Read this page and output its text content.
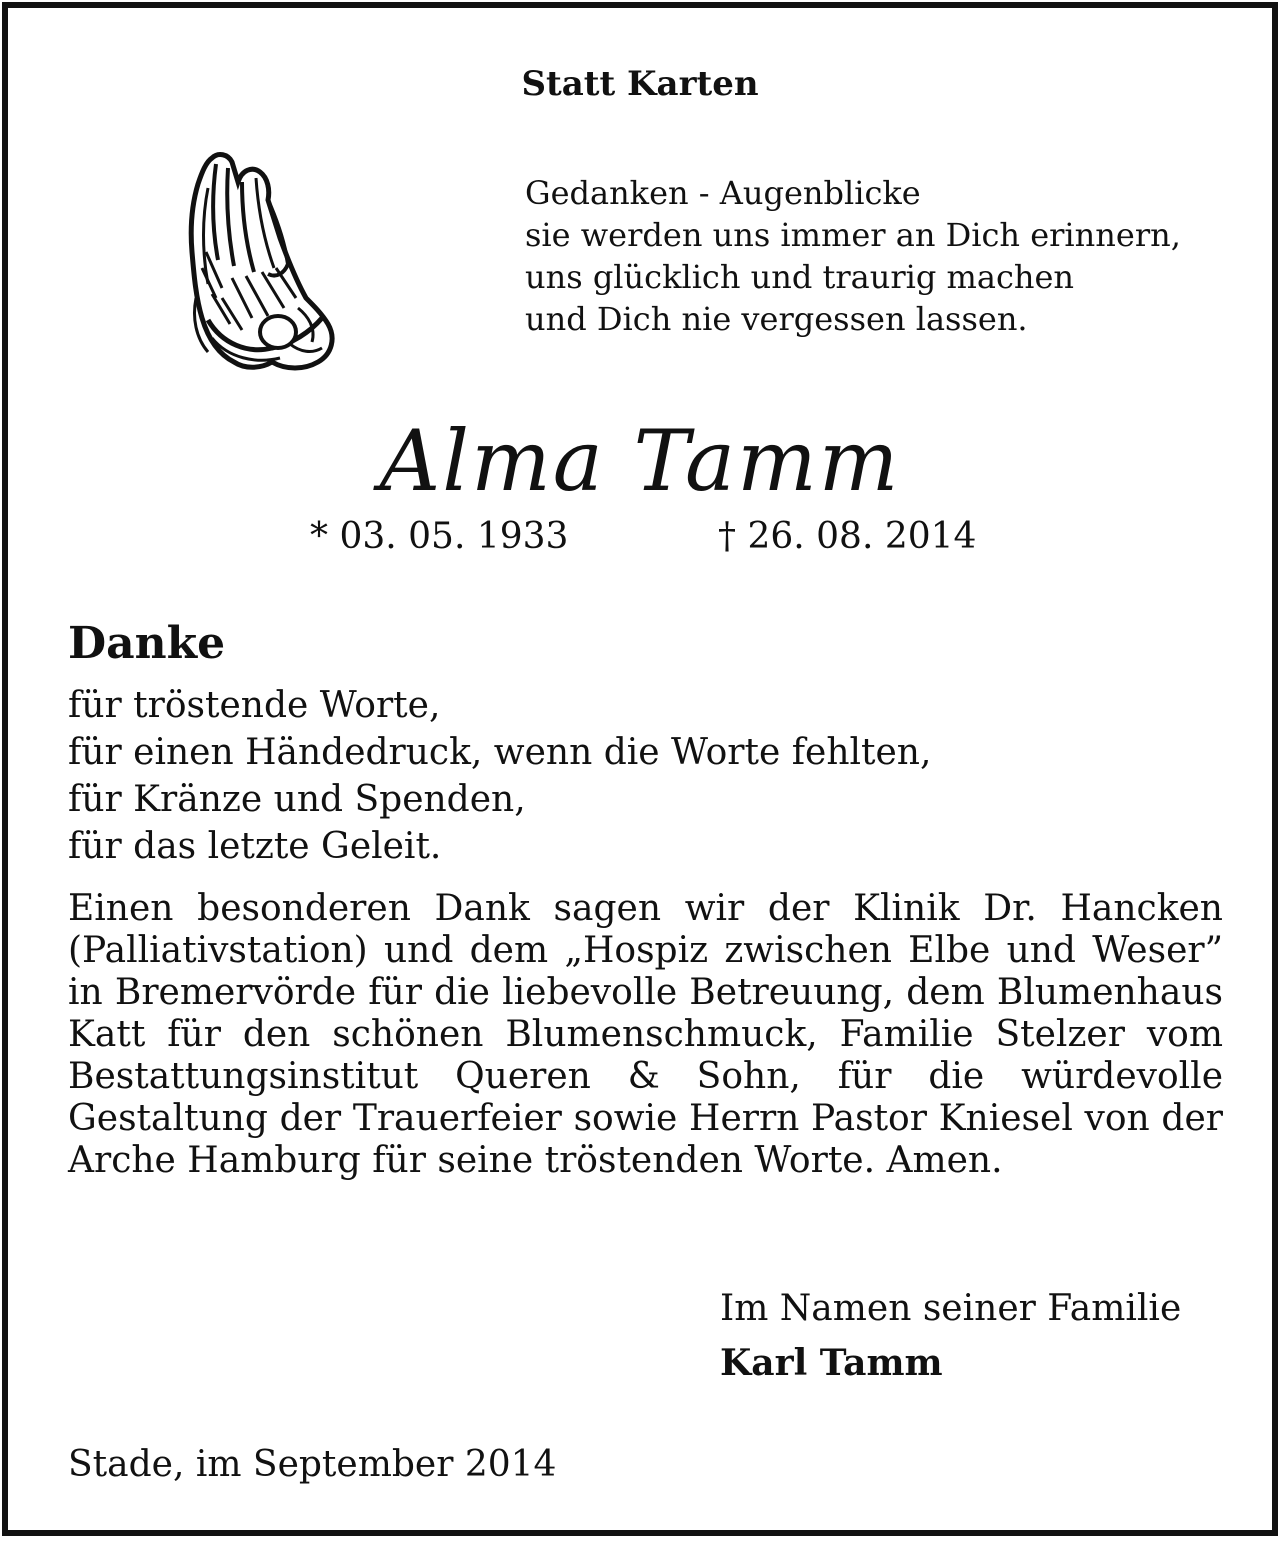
Statt Karten
Gedanken - Augenblicke
sie werden uns immer an Dich erinnern,
uns glücklich und traurig machen
und Dich nie vergessen lassen.
Alma Tamm
* 03. 05. 1933	† 26. 08. 2014
Danke
für tröstende Worte,
für einen Händedruck, wenn die Worte fehlten,
für Kränze und Spenden,
für das letzte Geleit.
Einen besonderen Dank sagen wir der Klinik Dr. Hancken (Palliativstation) und dem „Hospiz zwischen Elbe und Weser” in Bremervörde für die liebevolle Betreuung, dem Blumenhaus Katt für den schönen Blumenschmuck, Familie Stelzer vom Bestattungsinstitut Queren & Sohn, für die würdevolle Gestaltung der Trauerfeier sowie Herrn Pastor Kniesel von der Arche Hamburg für seine tröstenden Worte. Amen.
Im Namen seiner Familie
Karl Tamm
Stade, im September 2014
